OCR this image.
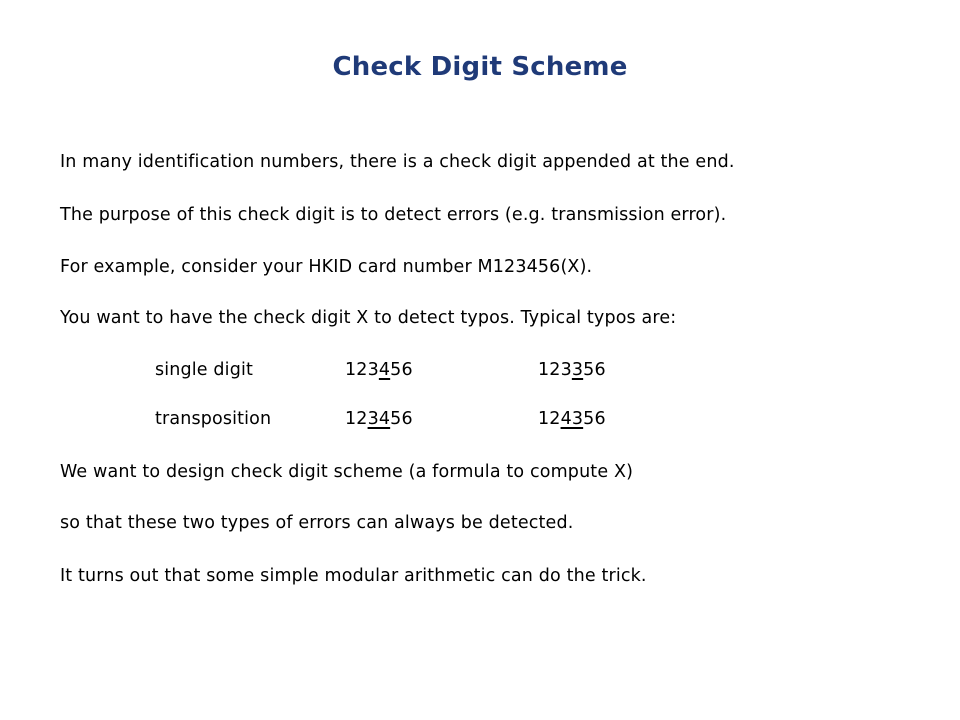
Check Digit Scheme
In many identification numbers, there is a check digit appended at the end.
The purpose of this check digit is to detect errors (e.g. transmission error).
For example, consider your HKID card number M123456(X).
You want to have the check digit X to detect typos. Typical typos are:
single digit	123456	123356
transposition	123456	124356
We want to design check digit scheme (a formula to compute X)
so that these two types of errors can always be detected.
It turns out that some simple modular arithmetic can do the trick.
